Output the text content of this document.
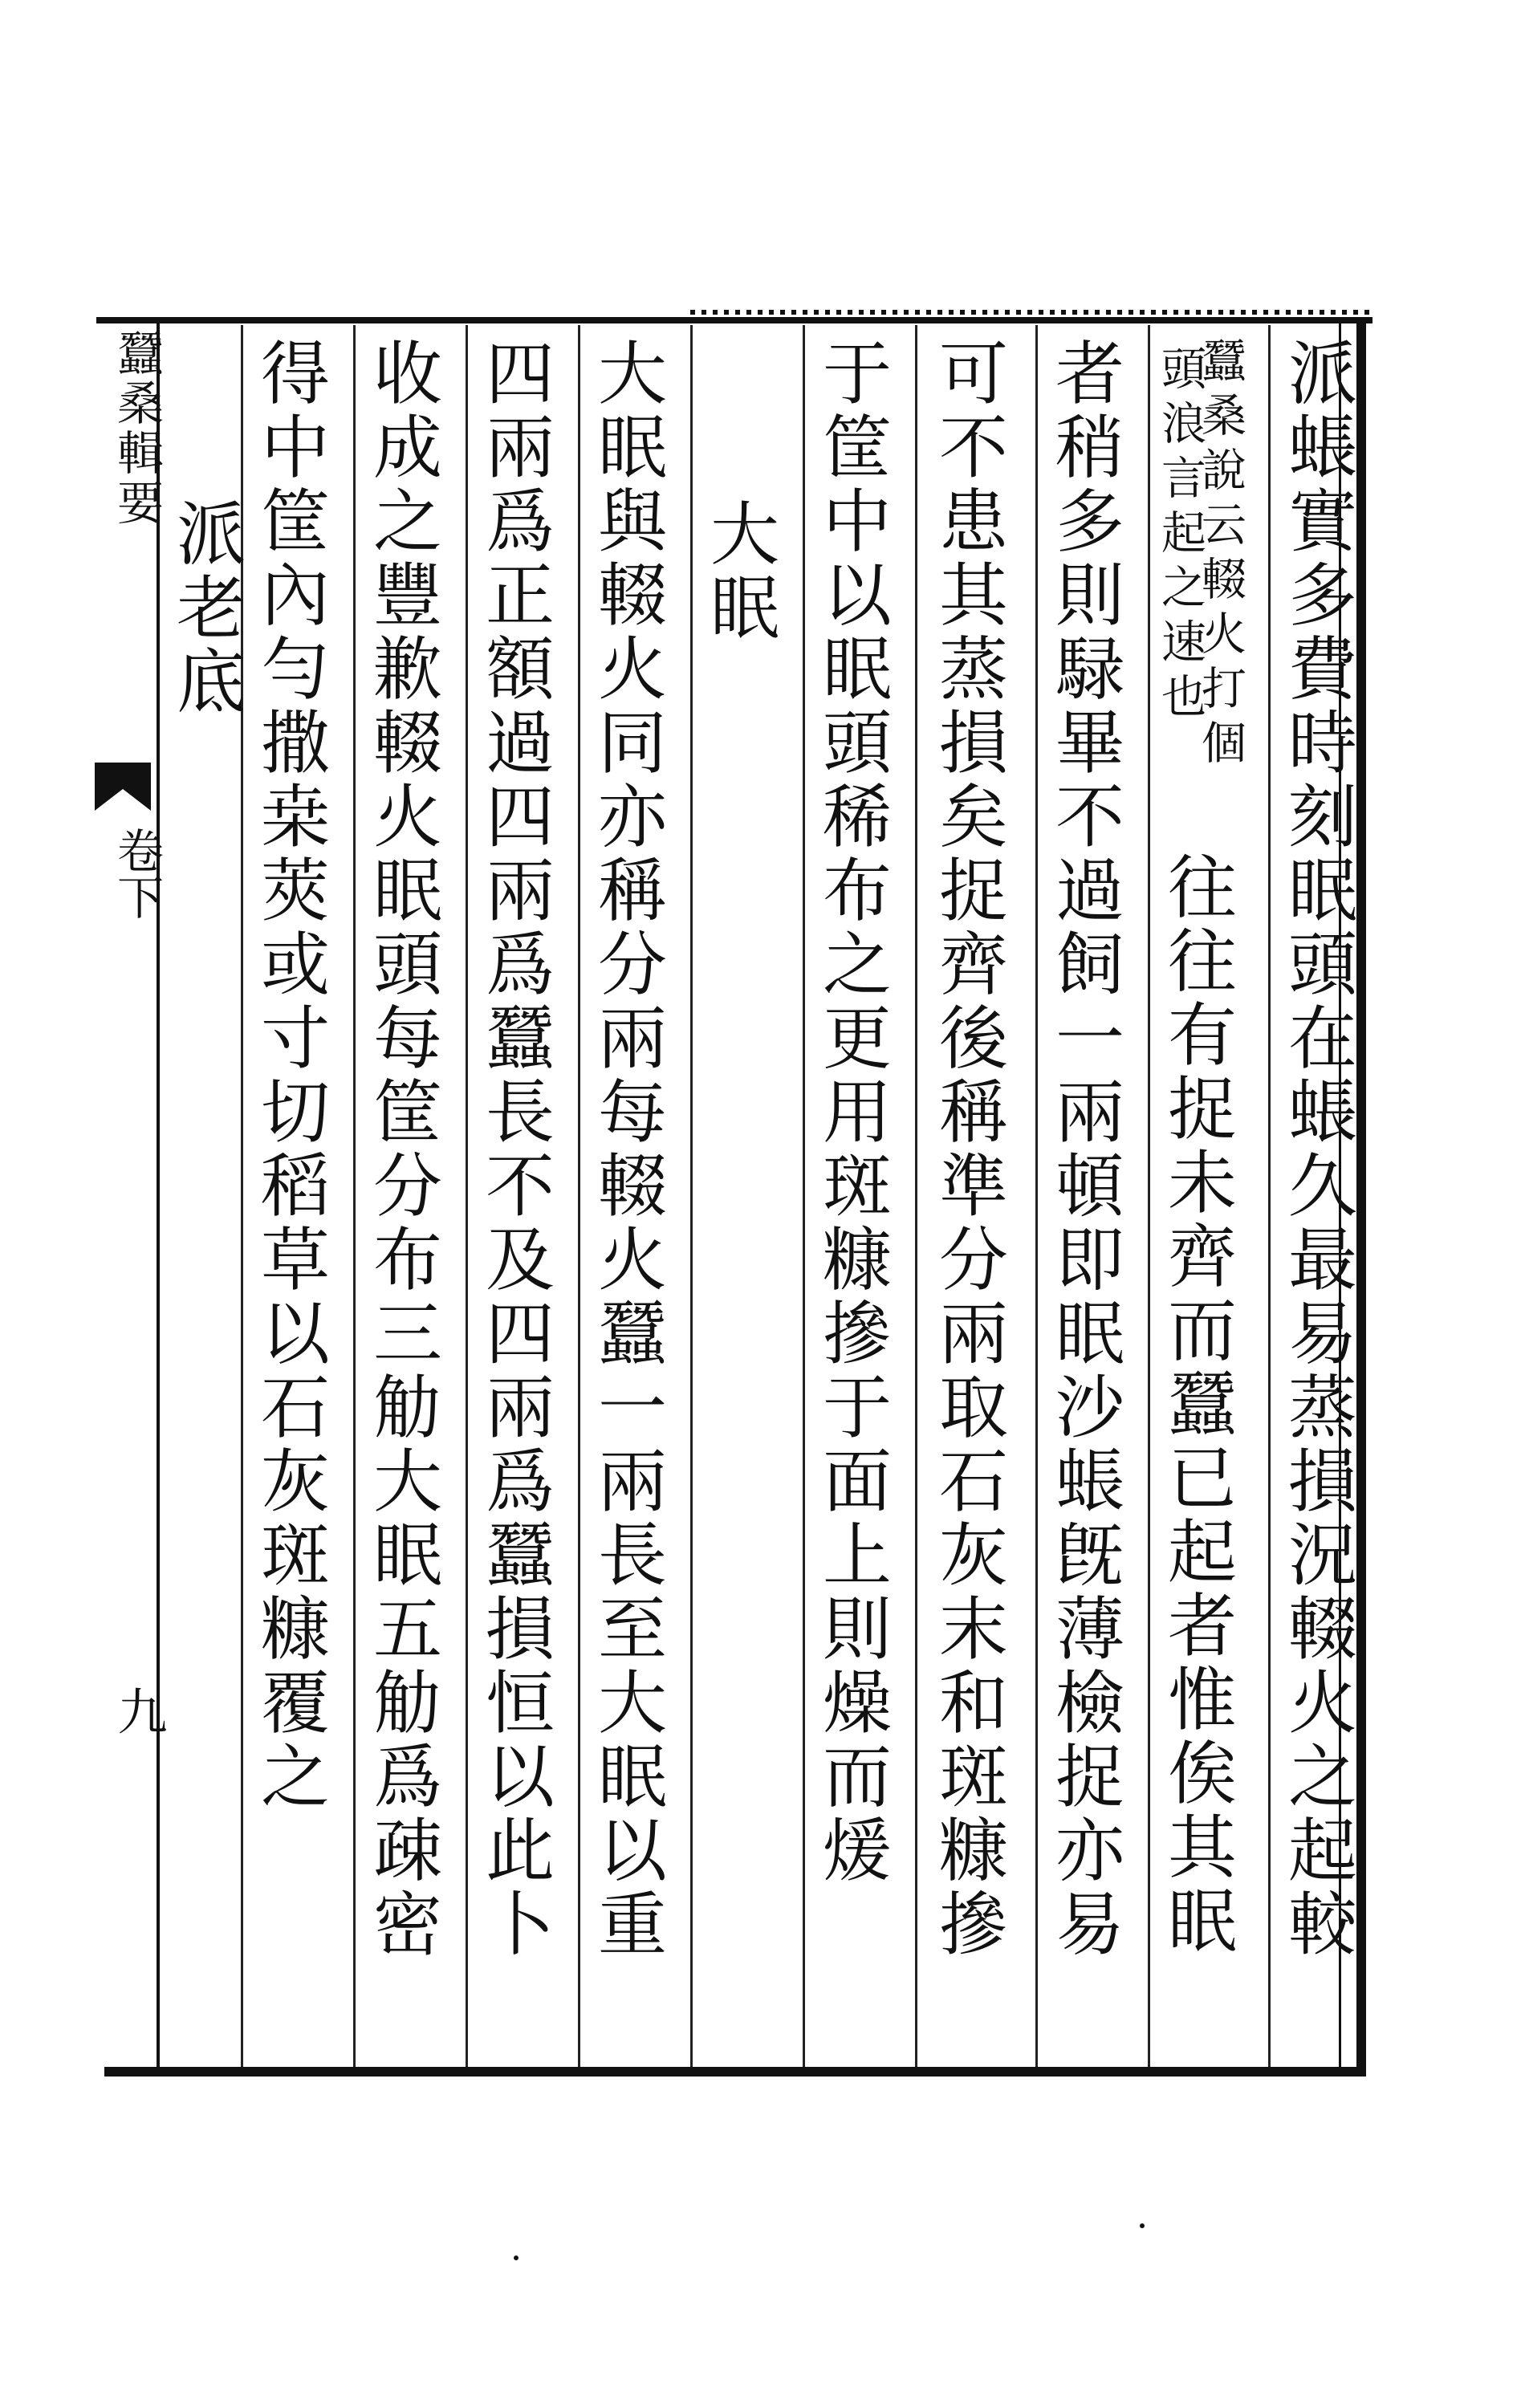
蠶桑輯要
卷下
九	派䗅實多費時刻眠頭在䗅久最易蒸損況輟火之起較
蠶桑說云輟火打個
頭浪言起之速也
往往有捉未齊而蠶已起者惟俟其眠
者稍多則騄畢不過飼一兩頓即眠沙䗅旣薄檢捉亦易
可不患其蒸損矣捉齊後稱準分兩取石灰末和斑糠摻
于筐中以眠頭稀布之更用斑糠摻于面上則燥而煖
大眠
大眠與輟火同亦稱分兩每輟火蠶一兩長至大眠以重
四兩爲正額過四兩爲蠶長不及四兩爲蠶損恒以此卜
收成之豐歉輟火眠頭每筐分布三觔大眠五觔爲疎密
得中筐內勻撒桒莢或寸切稻草以石灰斑糠覆之
派老底
